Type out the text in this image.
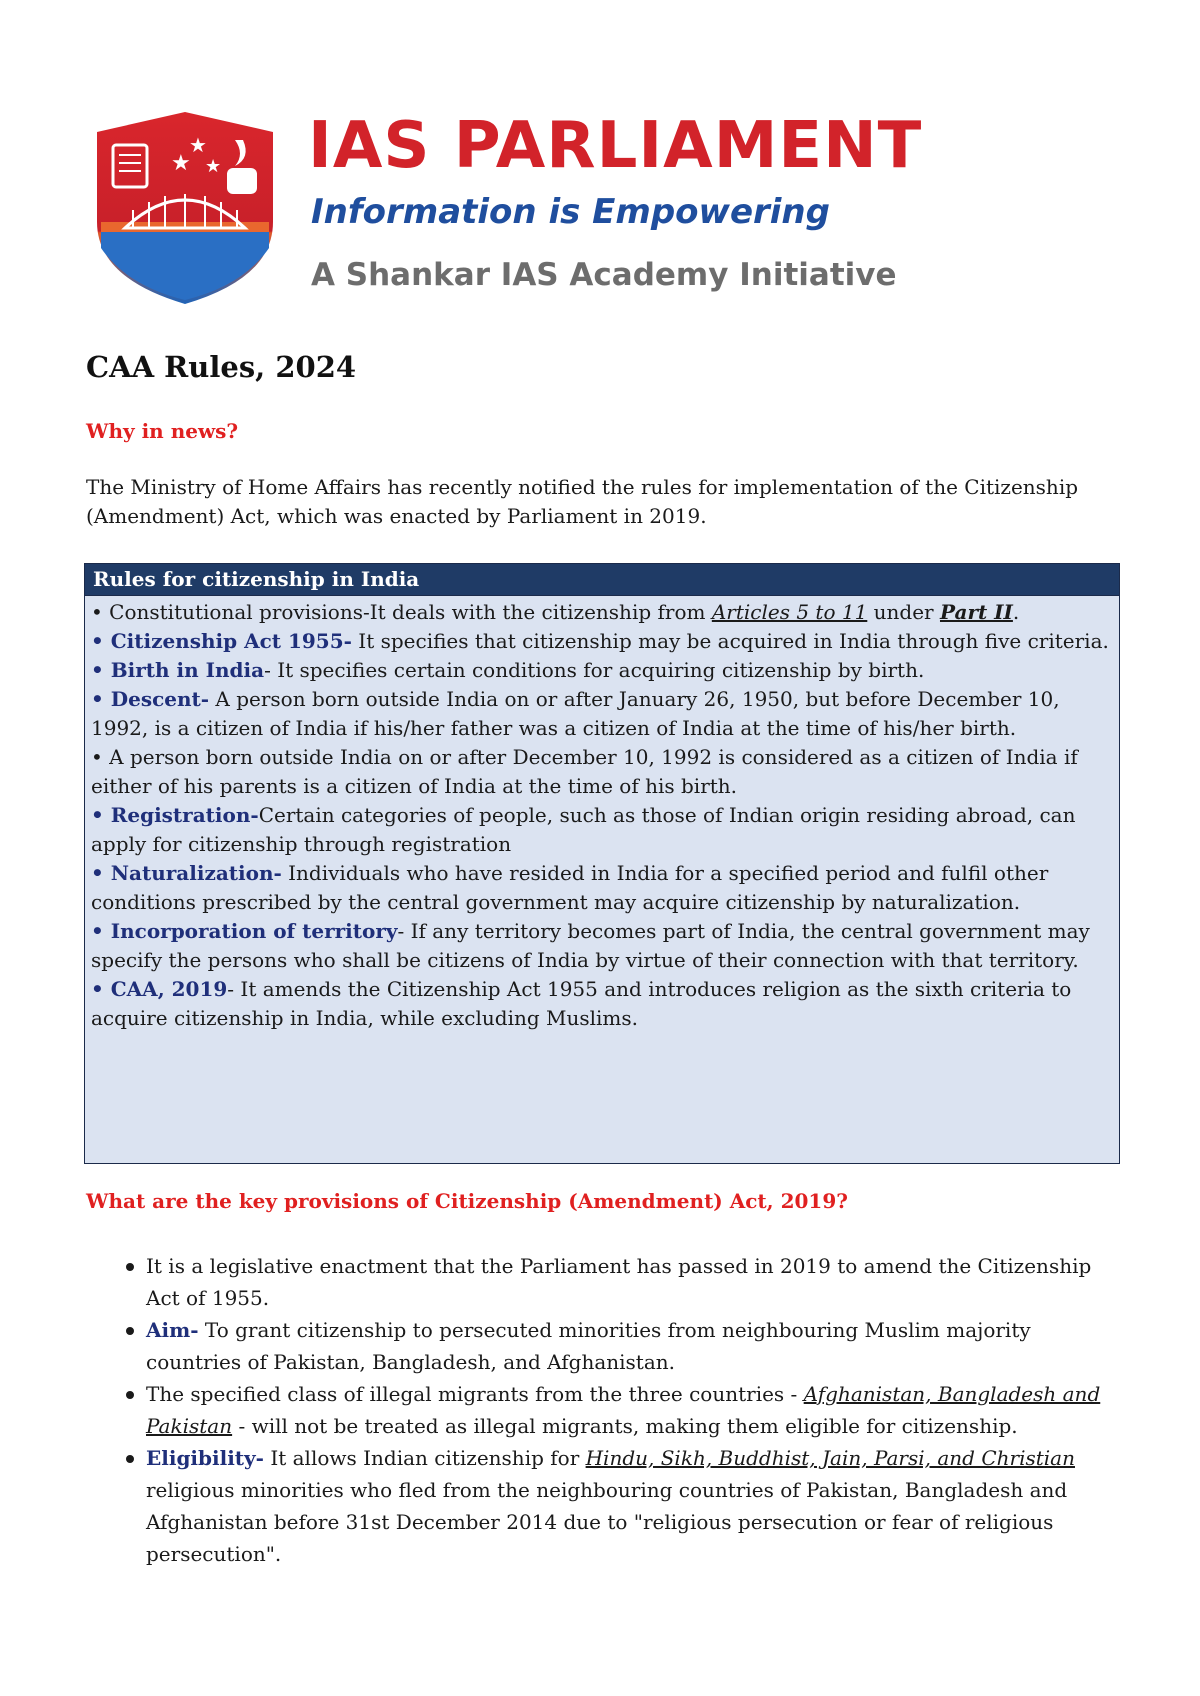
★
★
★ IAS PARLIAMENT
Information is Empowering
A Shankar IAS Academy Initiative
CAA Rules, 2024
Why in news?

The Ministry of Home Affairs has recently notified the rules for implementation of the Citizenship (Amendment) Act, which was enacted by Parliament in 2019.

Rules for citizenship in India
• Constitutional provisions-It deals with the citizenship from Articles 5 to 11 under Part II.
• Citizenship Act 1955- It specifies that citizenship may be acquired in India through five criteria.
• Birth in India- It specifies certain conditions for acquiring citizenship by birth.
• Descent- A person born outside India on or after January 26, 1950, but before December 10, 1992, is a citizen of India if his/her father was a citizen of India at the time of his/her birth.
• A person born outside India on or after December 10, 1992 is considered as a citizen of India if either of his parents is a citizen of India at the time of his birth.
• Registration-Certain categories of people, such as those of Indian origin residing abroad, can apply for citizenship through registration
• Naturalization- Individuals who have resided in India for a specified period and fulfil other conditions prescribed by the central government may acquire citizenship by naturalization.
• Incorporation of territory- If any territory becomes part of India, the central government may specify the persons who shall be citizens of India by virtue of their connection with that territory.
• CAA, 2019- It amends the Citizenship Act 1955 and introduces religion as the sixth criteria to acquire citizenship in India, while excluding Muslims.
What are the key provisions of Citizenship (Amendment) Act, 2019?
It is a legislative enactment that the Parliament has passed in 2019 to amend the Citizenship Act of 1955.
Aim- To grant citizenship to persecuted minorities from neighbouring Muslim majority countries of Pakistan, Bangladesh, and Afghanistan.
The specified class of illegal migrants from the three countries - Afghanistan, Bangladesh and Pakistan - will not be treated as illegal migrants, making them eligible for citizenship.
Eligibility- It allows Indian citizenship for Hindu, Sikh, Buddhist, Jain, Parsi, and Christian religious minorities who fled from the neighbouring countries of Pakistan, Bangladesh and Afghanistan before 31st December 2014 due to "religious persecution or fear of religious persecution".
